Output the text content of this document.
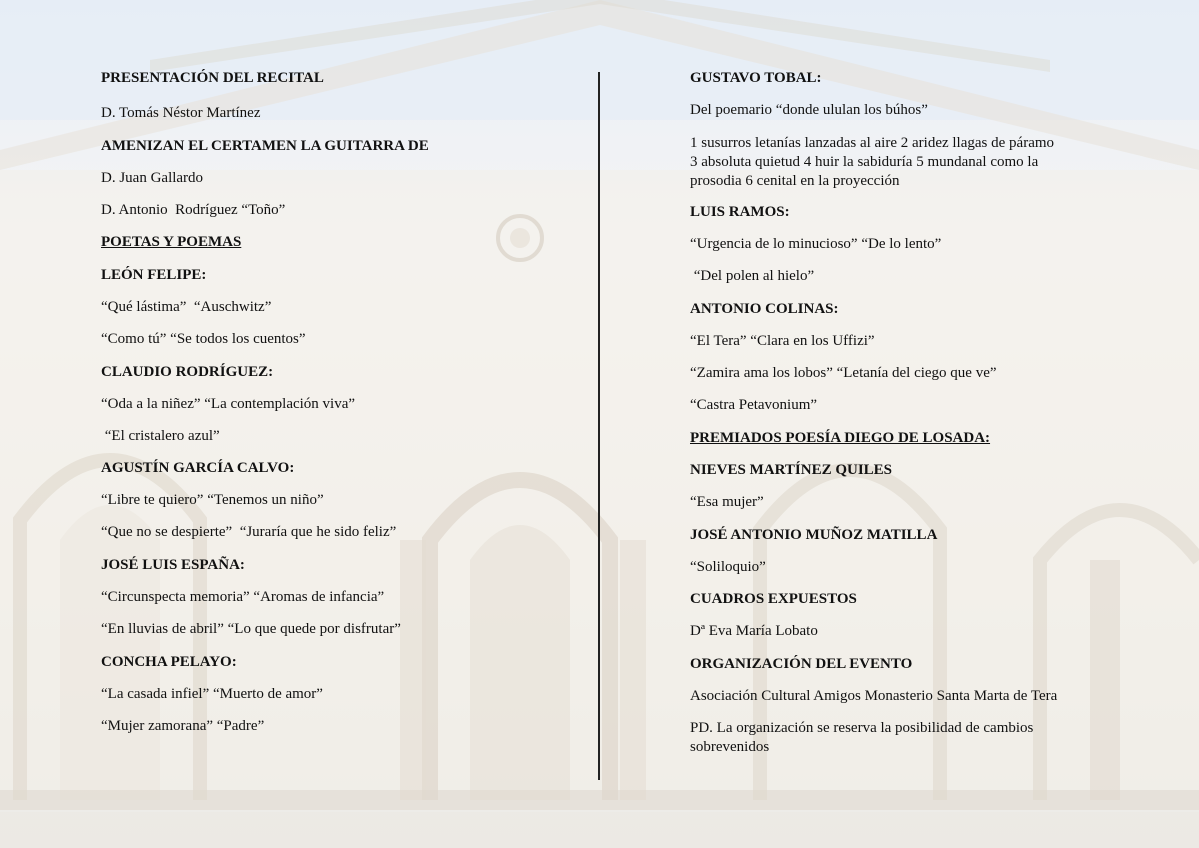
PRESENTACIÓN DEL RECITAL
D. Tomás Néstor Martínez
AMENIZAN EL CERTAMEN LA GUITARRA DE
D. Juan Gallardo
D. Antonio  Rodríguez “Toño”
POETAS Y POEMAS
LEÓN FELIPE:
“Qué lástima”  “Auschwitz”
“Como tú” “Se todos los cuentos”
CLAUDIO RODRÍGUEZ:
“Oda a la niñez” “La contemplación viva”
“El cristalero azul”
AGUSTÍN GARCÍA CALVO:
“Libre te quiero” “Tenemos un niño”
“Que no se despierte”  “Juraría que he sido feliz”
JOSÉ LUIS ESPAÑA:
“Circunspecta memoria” “Aromas de infancia”
“En lluvias de abril” “Lo que quede por disfrutar”
CONCHA PELAYO:
“La casada infiel” “Muerto de amor”
“Mujer zamorana” “Padre”
GUSTAVO TOBAL:
Del poemario “donde ululan los búhos”
1 susurros letanías lanzadas al aire 2 aridez llagas de páramo
3 absoluta quietud 4 huir la sabiduría 5 mundanal como la
prosodia 6 cenital en la proyección
LUIS RAMOS:
“Urgencia de lo minucioso” “De lo lento”
“Del polen al hielo”
ANTONIO COLINAS:
“El Tera” “Clara en los Uffizi”
“Zamira ama los lobos” “Letanía del ciego que ve”
“Castra Petavonium”
PREMIADOS POESÍA DIEGO DE LOSADA:
NIEVES MARTÍNEZ QUILES
“Esa mujer”
JOSÉ ANTONIO MUÑOZ MATILLA
“Soliloquio”
CUADROS EXPUESTOS
Dª Eva María Lobato
ORGANIZACIÓN DEL EVENTO
Asociación Cultural Amigos Monasterio Santa Marta de Tera
PD. La organización se reserva la posibilidad de cambios
sobrevenidos
